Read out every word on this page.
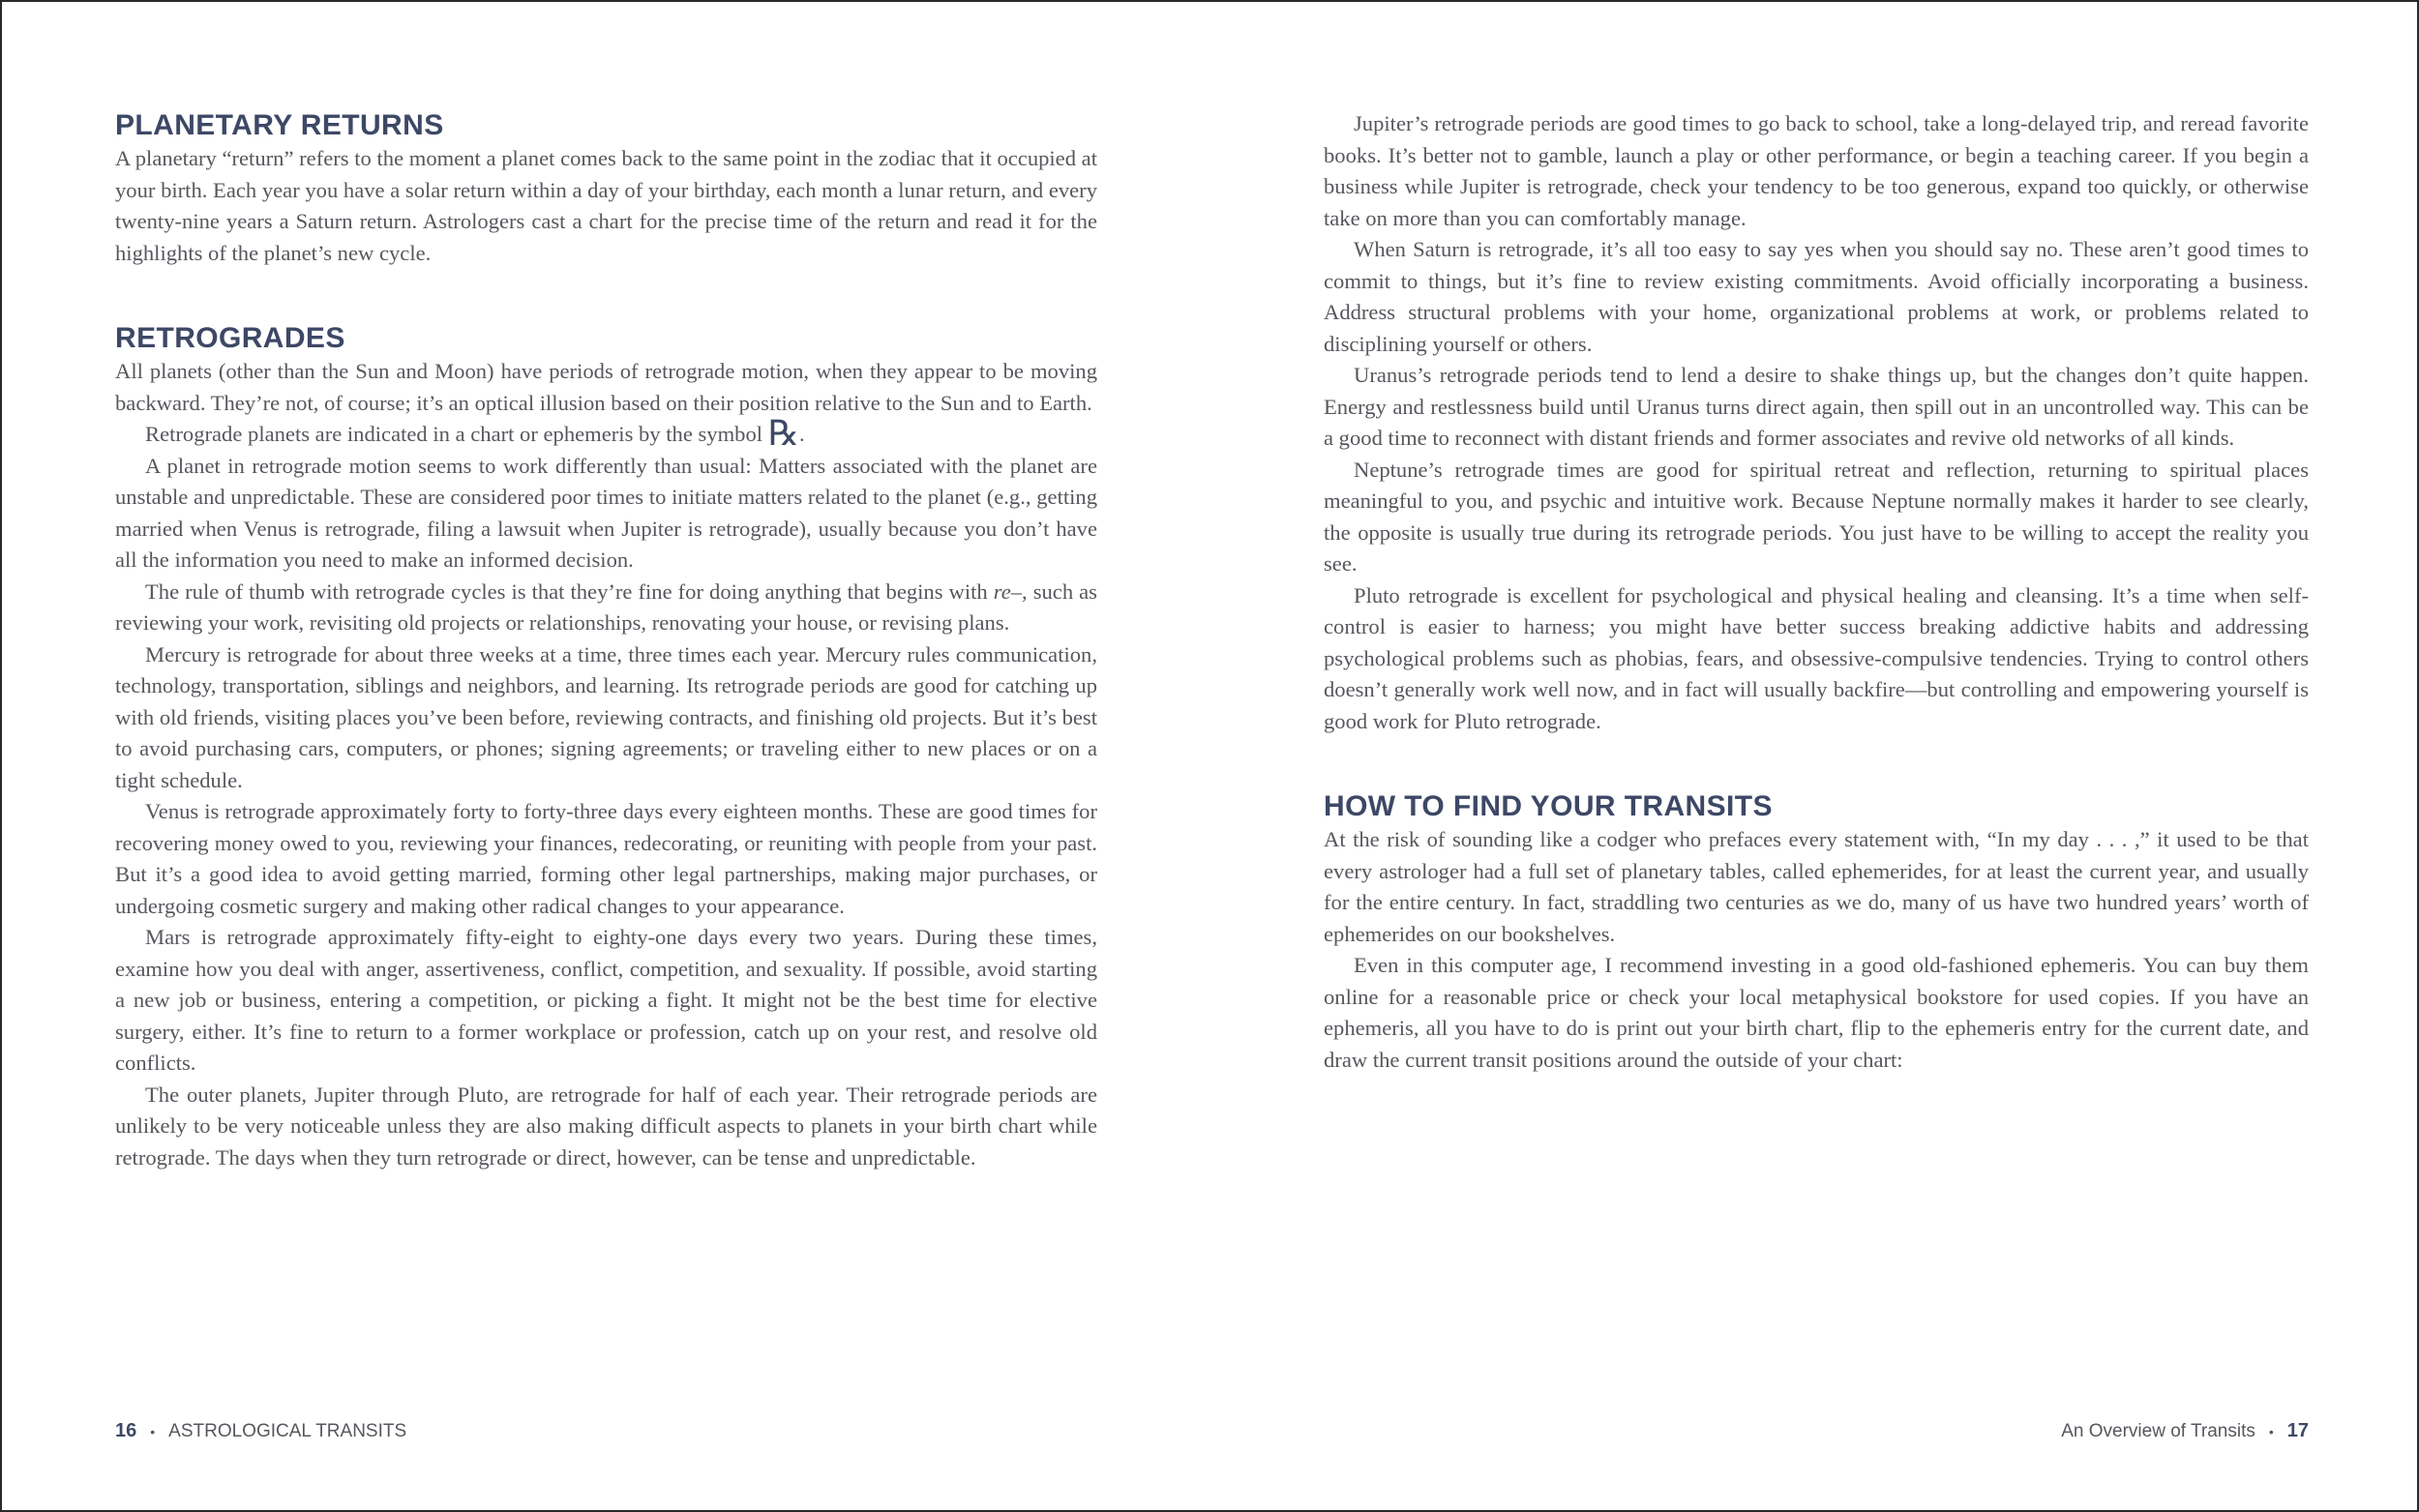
PLANETARY RETURNS

A planetary “return” refers to the moment a planet comes back to the same point in the zodiac that it occupied at your birth. Each year you have a solar return within a day of your birthday, each month a lunar return, and every twenty-nine years a Saturn return. Astrologers cast a chart for the precise time of the return and read it for the highlights of the planet’s new cycle.

RETROGRADES

All planets (other than the Sun and Moon) have periods of retrograde motion, when they appear to be moving backward. They’re not, of course; it’s an optical illusion based on their position relative to the Sun and to Earth.

Retrograde planets are indicated in a chart or ephemeris by the symbol ℞.

A planet in retrograde motion seems to work differently than usual: Matters associated with the planet are unstable and unpredictable. These are considered poor times to initiate matters related to the planet (e.g., getting married when Venus is retrograde, filing a lawsuit when Jupiter is retrograde), usually because you don’t have all the information you need to make an informed decision.

The rule of thumb with retrograde cycles is that they’re fine for doing anything that begins with re–, such as reviewing your work, revisiting old projects or relationships, renovating your house, or revising plans.

Mercury is retrograde for about three weeks at a time, three times each year. Mercury rules communication, technology, transportation, siblings and neighbors, and learning. Its retrograde periods are good for catching up with old friends, visiting places you’ve been before, reviewing contracts, and finishing old projects. But it’s best to avoid purchasing cars, computers, or phones; signing agreements; or traveling either to new places or on a tight schedule.

Venus is retrograde approximately forty to forty-three days every eighteen months. These are good times for recovering money owed to you, reviewing your finances, redecorating, or reuniting with people from your past. But it’s a good idea to avoid getting married, forming other legal partnerships, making major purchases, or undergoing cosmetic surgery and making other radical changes to your appearance.

Mars is retrograde approximately fifty-eight to eighty-one days every two years. During these times, examine how you deal with anger, assertiveness, conflict, competition, and sexuality. If possible, avoid starting a new job or business, entering a competition, or picking a fight. It might not be the best time for elective surgery, either. It’s fine to return to a former workplace or profession, catch up on your rest, and resolve old conflicts.

The outer planets, Jupiter through Pluto, are retrograde for half of each year. Their retrograde periods are unlikely to be very noticeable unless they are also making difficult aspects to planets in your birth chart while retrograde. The days when they turn retrograde or direct, however, can be tense and unpredictable.

16 • ASTROLOGICAL TRANSITS

Jupiter’s retrograde periods are good times to go back to school, take a long-delayed trip, and reread favorite books. It’s better not to gamble, launch a play or other performance, or begin a teaching career. If you begin a business while Jupiter is retrograde, check your tendency to be too generous, expand too quickly, or otherwise take on more than you can comfortably manage.

When Saturn is retrograde, it’s all too easy to say yes when you should say no. These aren’t good times to commit to things, but it’s fine to review existing commitments. Avoid officially incorporating a business. Address structural problems with your home, organizational problems at work, or problems related to disciplining yourself or others.

Uranus’s retrograde periods tend to lend a desire to shake things up, but the changes don’t quite happen. Energy and restlessness build until Uranus turns direct again, then spill out in an uncontrolled way. This can be a good time to reconnect with distant friends and former associates and revive old networks of all kinds.

Neptune’s retrograde times are good for spiritual retreat and reflection, returning to spiritual places meaningful to you, and psychic and intuitive work. Because Neptune normally makes it harder to see clearly, the opposite is usually true during its retrograde periods. You just have to be willing to accept the reality you see.

Pluto retrograde is excellent for psychological and physical healing and cleansing. It’s a time when self-control is easier to harness; you might have better success breaking addictive habits and addressing psychological problems such as phobias, fears, and obsessive-compulsive tendencies. Trying to control others doesn’t generally work well now, and in fact will usually backfire—but controlling and empowering yourself is good work for Pluto retrograde.

HOW TO FIND YOUR TRANSITS

At the risk of sounding like a codger who prefaces every statement with, “In my day . . . ,” it used to be that every astrologer had a full set of planetary tables, called ephemerides, for at least the current year, and usually for the entire century. In fact, straddling two centuries as we do, many of us have two hundred years’ worth of ephemerides on our bookshelves.

Even in this computer age, I recommend investing in a good old-fashioned ephemeris. You can buy them online for a reasonable price or check your local metaphysical bookstore for used copies. If you have an ephemeris, all you have to do is print out your birth chart, flip to the ephemeris entry for the current date, and draw the current transit positions around the outside of your chart:

An Overview of Transits • 17
